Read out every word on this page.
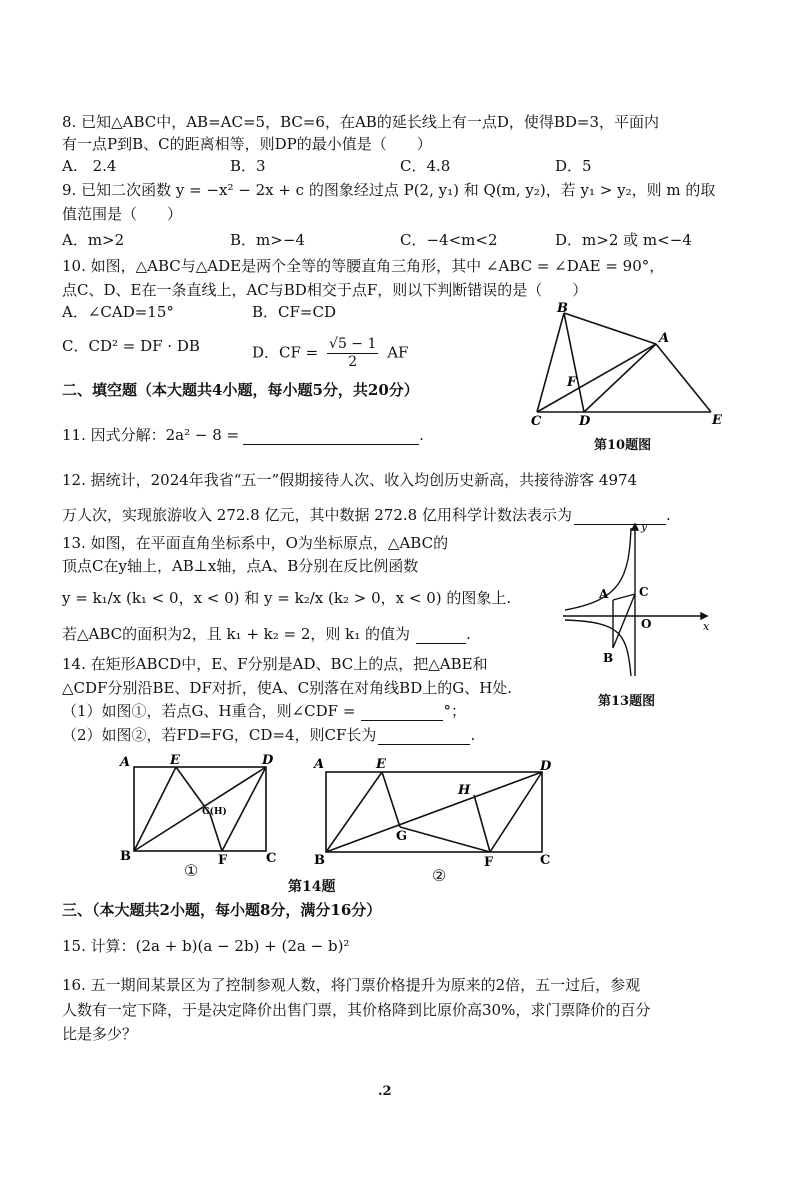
8. 已知△ABC中，AB=AC=5，BC=6，在AB的延长线上有一点D，使得BD=3，平面内
有一点P到B、C的距离相等，则DP的最小值是（　　）
A.　2.4	B．3	C．4.8	D．5
9. 已知二次函数 y = −x² − 2x + c 的图象经过点 P(2, y₁) 和 Q(m, y₂)，若 y₁ > y₂，则 m 的取
值范围是（　　）
A．m>2	B．m>−4	C．−4<m<2	D．m>2 或 m<−4
10. 如图，△ABC与△ADE是两个全等的等腰直角三角形，其中 ∠ABC = ∠DAE = 90°，
点C、D、E在一条直线上，AC与BD相交于点F，则以下判断错误的是（　　）
A．∠CAD=15°	B．CF=CD
C．CD² = DF · DB	D．CF = $\frac{√5 - 1}{2}$ AF
B
A
F
C	D	E
第10题图
二、填空题（本大题共4小题，每小题5分，共20分）
11. 因式分解：2a² − 8 =	.
12. 据统计，2024年我省“五一”假期接待人次、收入均创历史新高，共接待游客 4974
万人次，实现旅游收入 272.8 亿元，其中数据 272.8 亿用科学计数法表示为	.
13. 如图，在平面直角坐标系中，O为坐标原点，△ABC的
顶点C在y轴上，AB⊥x轴，点A、B分别在反比例函数
y = k₁/x (k₁ < 0，x < 0) 和 y = k₂/x (k₂ > 0，x < 0) 的图象上.
若△ABC的面积为2，且 k₁ + k₂ = 2，则 k₁ 的值为	.
y
x
A	C
O
B
第13题图
14. 在矩形ABCD中，E、F分别是AD、BC上的点，把△ABE和
△CDF分别沿BE、DF对折，使A、C别落在对角线BD上的G、H处.
（1）如图①，若点G、H重合，则∠CDF =	°；
（2）如图②，若FD=FG，CD=4，则CF长为	.
A	E	D
G(H)
B	F	C
①
A	E	D
H
G
B	F	C
②
第14题
三、（本大题共2小题，每小题8分，满分16分）
15. 计算：(2a + b)(a − 2b) + (2a − b)²
16. 五一期间某景区为了控制参观人数，将门票价格提升为原来的2倍，五一过后，参观
人数有一定下降，于是决定降价出售门票，其价格降到比原价高30%，求门票降价的百分
比是多少？
.2
